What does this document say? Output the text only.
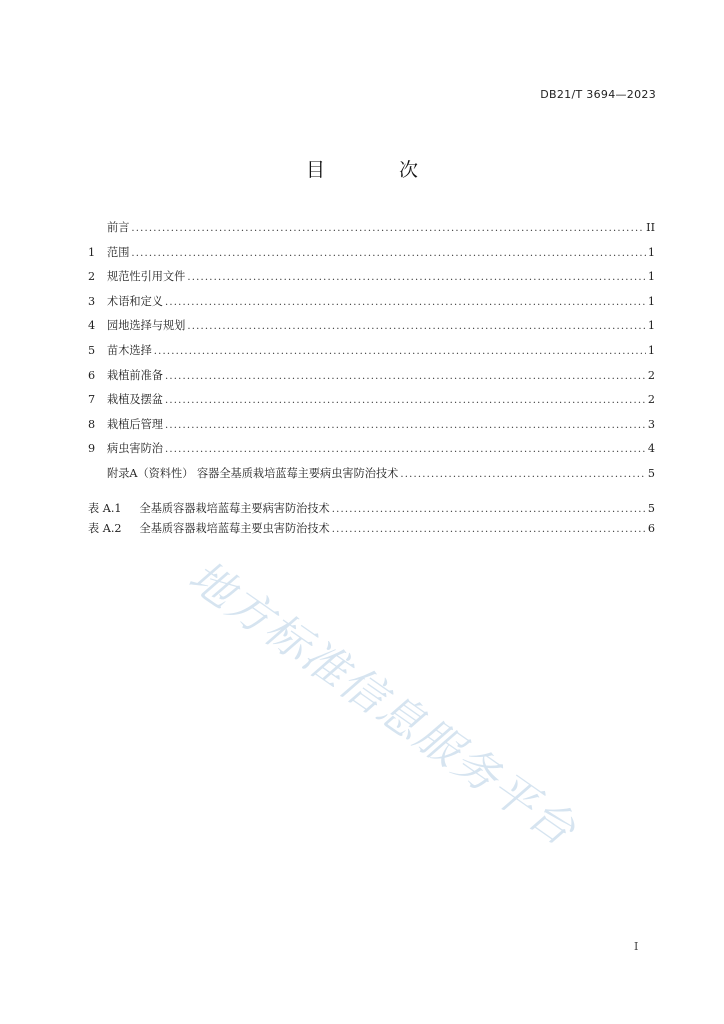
DB21/T 3694—2023
目 次
前言 .....	II
1	范围 .....	1
2	规范性引用文件 .....	1
3	术语和定义 .....	1
4	园地选择与规划 .....	1
5	苗木选择 .....	1
6	栽植前准备 .....	2
7	栽植及摆盆 .....	2
8	栽植后管理 .....	3
9	病虫害防治 .....	4
附录A（资料性） 容器全基质栽培蓝莓主要病虫害防治技术 .....	5
表 A.1 全基质容器栽培蓝莓主要病害防治技术 .....	5
表 A.2 全基质容器栽培蓝莓主要虫害防治技术 .....	6
地方标准信息服务平台
I
